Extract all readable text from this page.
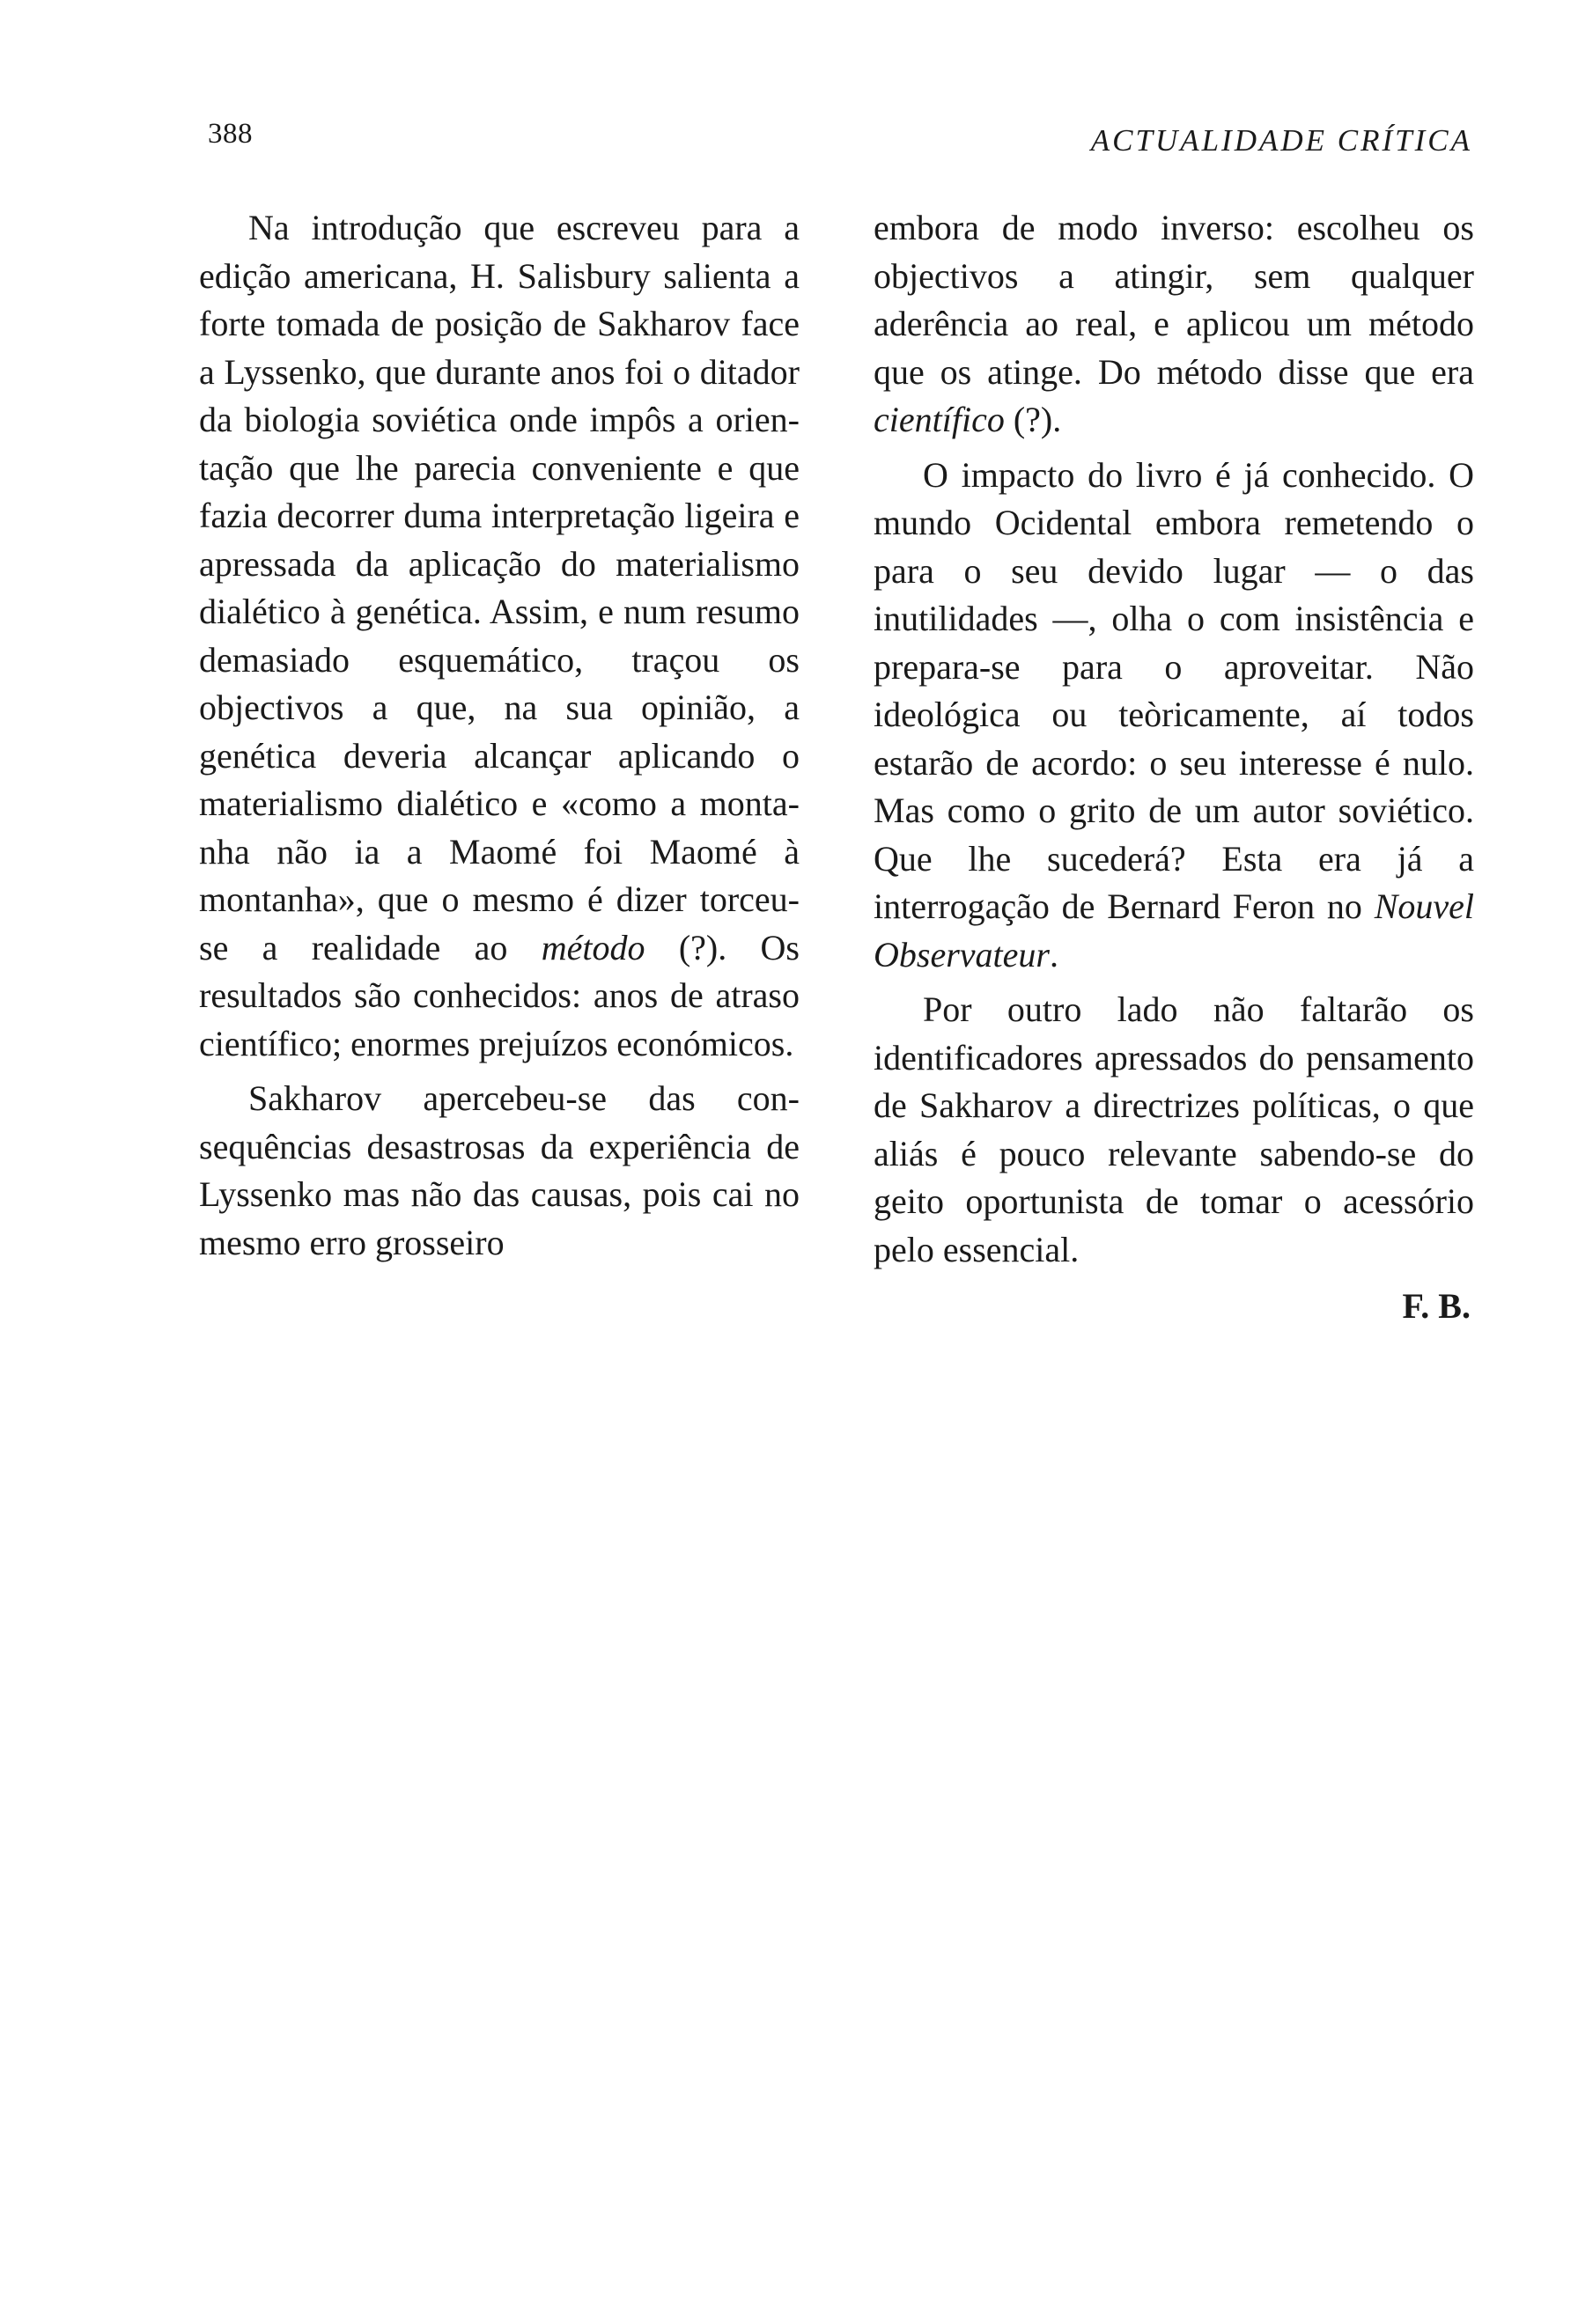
388	ACTUALIDADE CRÍTICA

Na introdução que escreveu para a edição americana, H. Salisbury salienta a forte tomada de posição de Sakharov face a Lyssenko, que durante anos foi o ditador da biologia soviética onde impôs a orientação que lhe parecia conveniente e que fazia decorrer duma interpretação ligeira e apressada da aplicação do materialismo dialético à genética. Assim, e num resumo demasiado esquemático, traçou os objectivos a que, na sua opinião, a genética deveria alcançar aplicando o materialismo dialético e «como a montanha não ia a Maomé foi Maomé à montanha», que o mesmo é dizer torceu-se a realidade ao método (?). Os resultados são conhecidos: anos de atraso científico; enormes prejuízos económicos.

Sakharov apercebeu-se das consequências desastrosas da experiência de Lyssenko mas não das causas, pois cai no mesmo erro grosseiro

embora de modo inverso: escolheu os objectivos a atingir, sem qualquer aderência ao real, e aplicou um método que os atinge. Do método disse que era científico (?).

O impacto do livro é já conhecido. O mundo Ocidental embora remetendo o para o seu devido lugar — o das inutilidades —, olha o com insistência e prepara-se para o aproveitar. Não ideológica ou teòricamente, aí todos estarão de acordo: o seu interesse é nulo. Mas como o grito de um autor soviético. Que lhe sucederá? Esta era já a interrogação de Bernard Feron no Nouvel Observateur.

Por outro lado não faltarão os identificadores apressados do pensamento de Sakharov a directrizes políticas, o que aliás é pouco relevante sabendo-se do geito oportunista de tomar o acessório pelo essencial.

F. B.
